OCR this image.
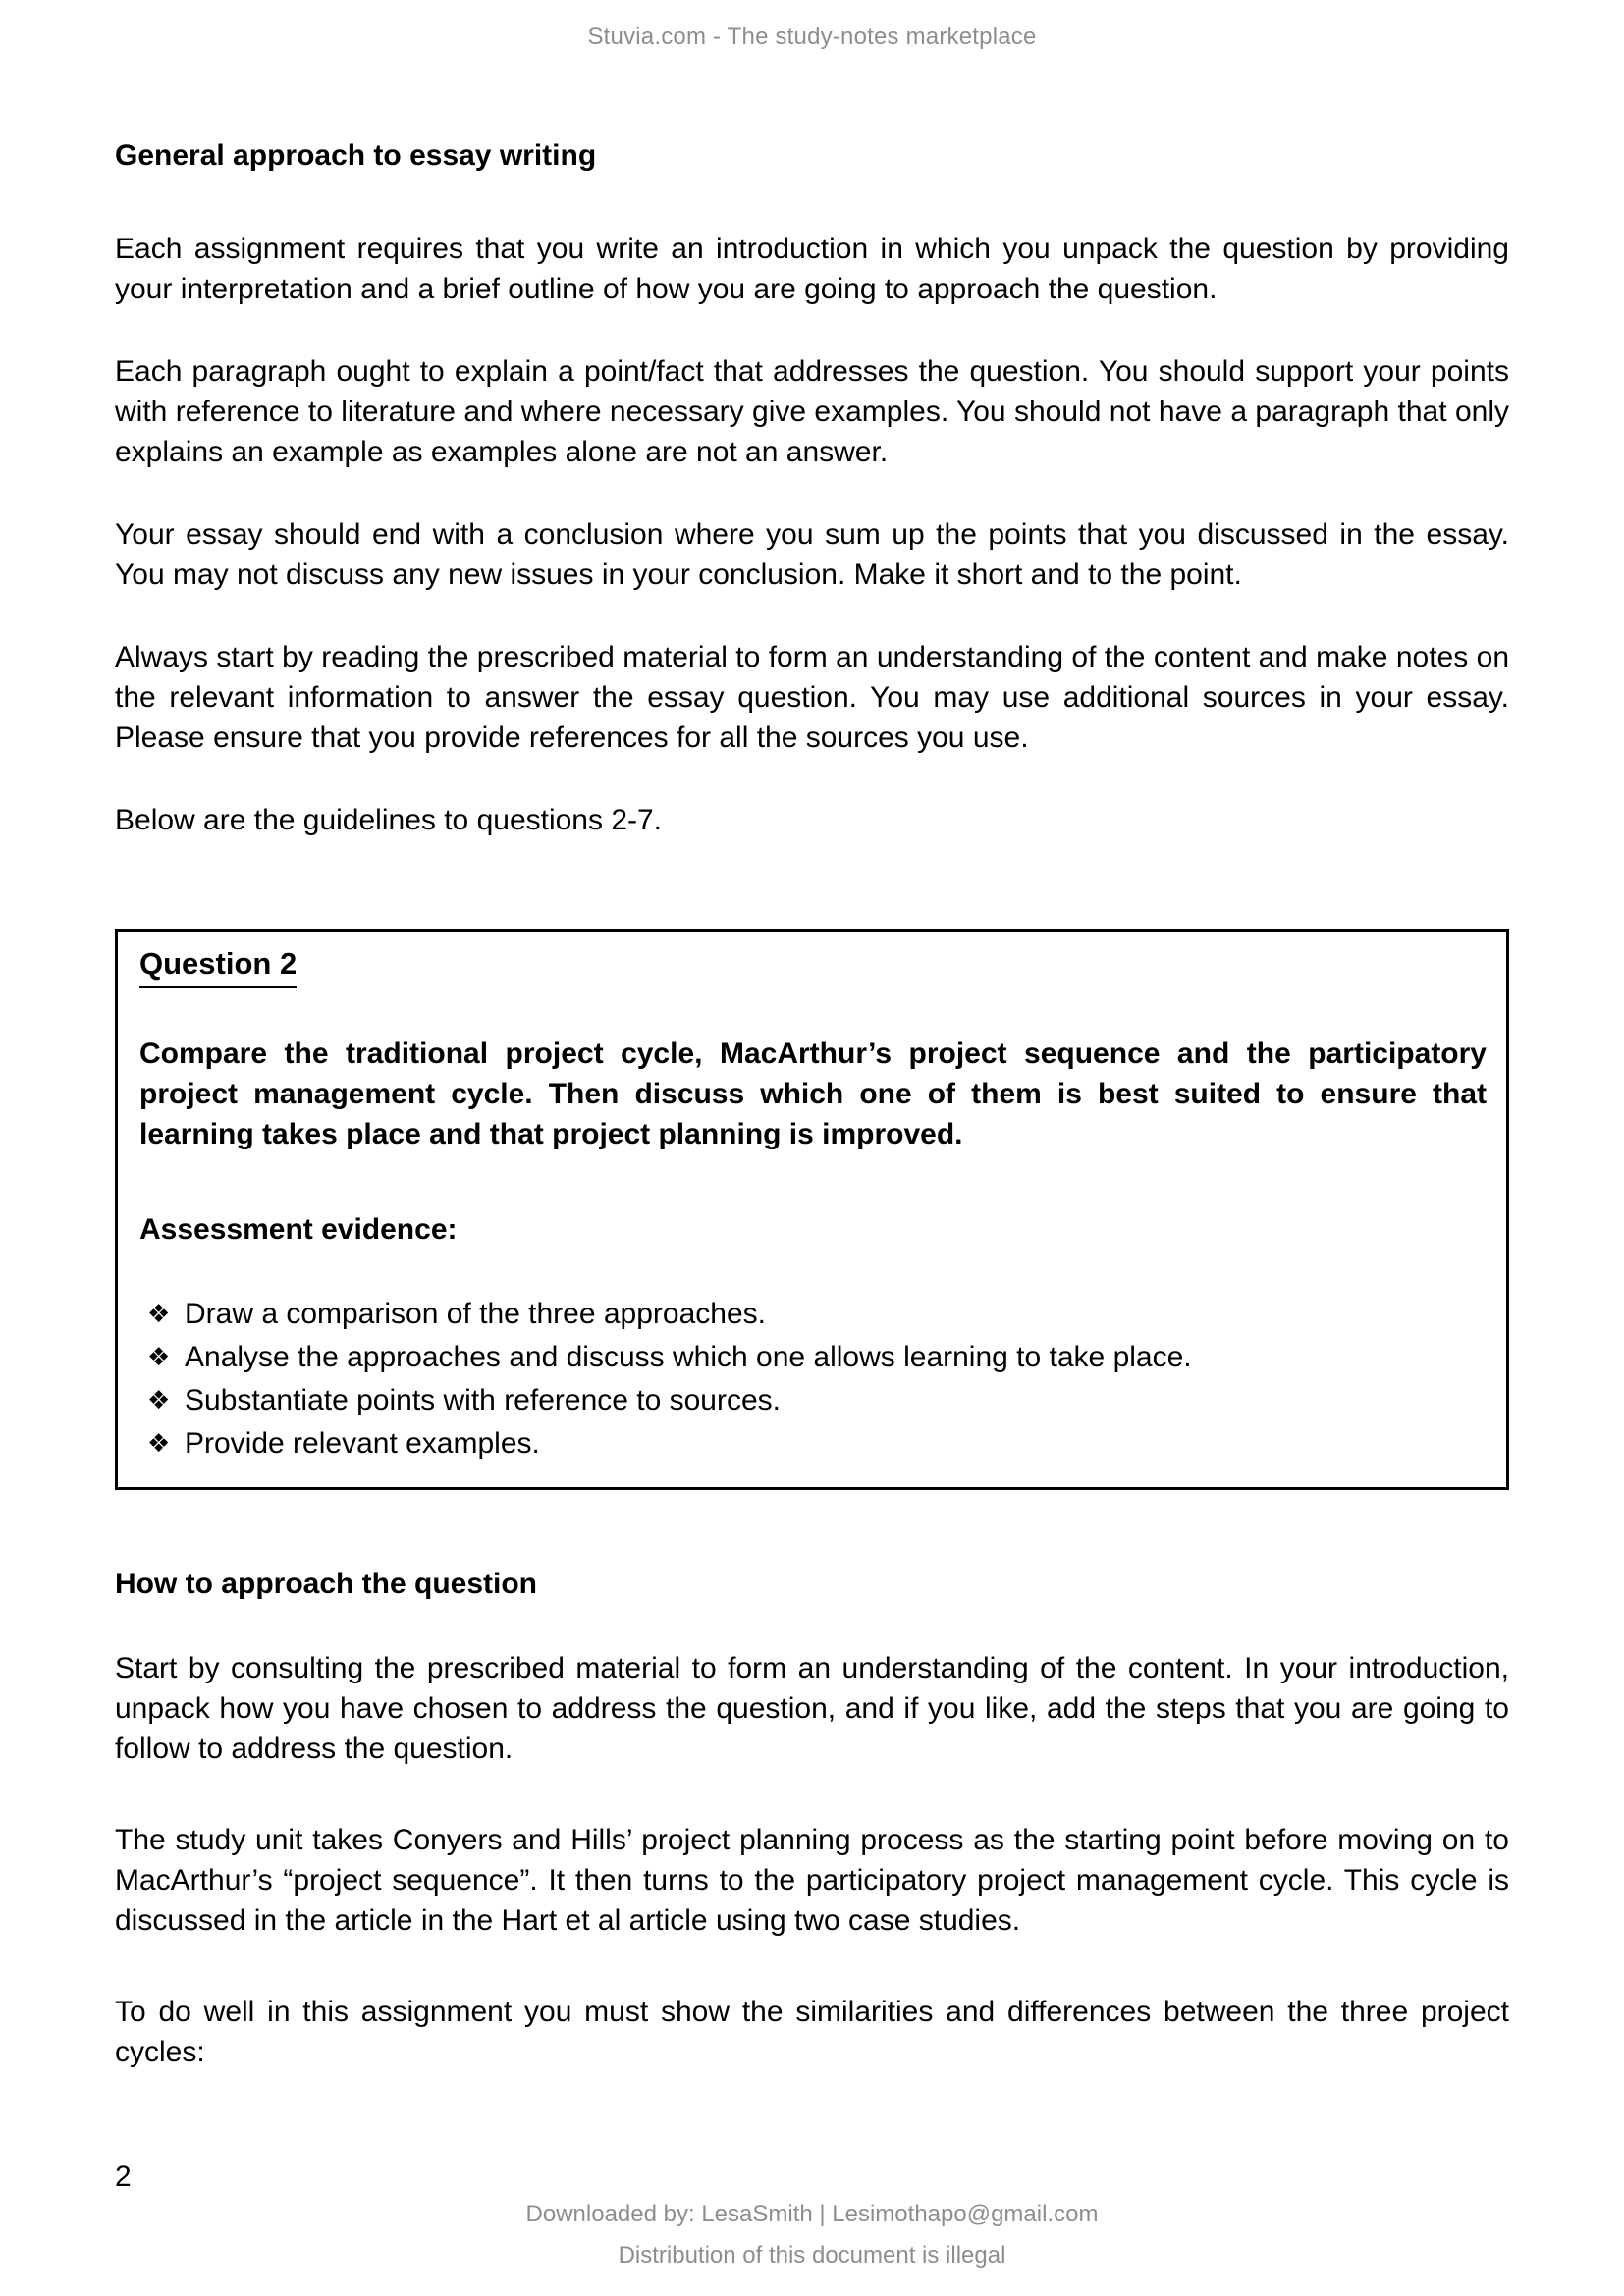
Stuvia.com - The study-notes marketplace
General approach to essay writing

Each assignment requires that you write an introduction in which you unpack the question by providing your interpretation and a brief outline of how you are going to approach the question.

Each paragraph ought to explain a point/fact that addresses the question. You should support your points with reference to literature and where necessary give examples. You should not have a paragraph that only explains an example as examples alone are not an answer.

Your essay should end with a conclusion where you sum up the points that you discussed in the essay. You may not discuss any new issues in your conclusion. Make it short and to the point.

Always start by reading the prescribed material to form an understanding of the content and make notes on the relevant information to answer the essay question. You may use additional sources in your essay. Please ensure that you provide references for all the sources you use.

Below are the guidelines to questions 2-7.

Question 2

Compare the traditional project cycle, MacArthur’s project sequence and the participatory project management cycle. Then discuss which one of them is best suited to ensure that learning takes place and that project planning is improved.

Assessment evidence:

❖ Draw a comparison of the three approaches.
❖ Analyse the approaches and discuss which one allows learning to take place.
❖ Substantiate points with reference to sources.
❖ Provide relevant examples.
How to approach the question

Start by consulting the prescribed material to form an understanding of the content. In your introduction, unpack how you have chosen to address the question, and if you like, add the steps that you are going to follow to address the question.

The study unit takes Conyers and Hills’ project planning process as the starting point before moving on to MacArthur’s “project sequence”. It then turns to the participatory project management cycle. This cycle is discussed in the article in the Hart et al article using two case studies.

To do well in this assignment you must show the similarities and differences between the three project cycles:

2
Downloaded by: LesaSmith | Lesimothapo@gmail.com
Distribution of this document is illegal
